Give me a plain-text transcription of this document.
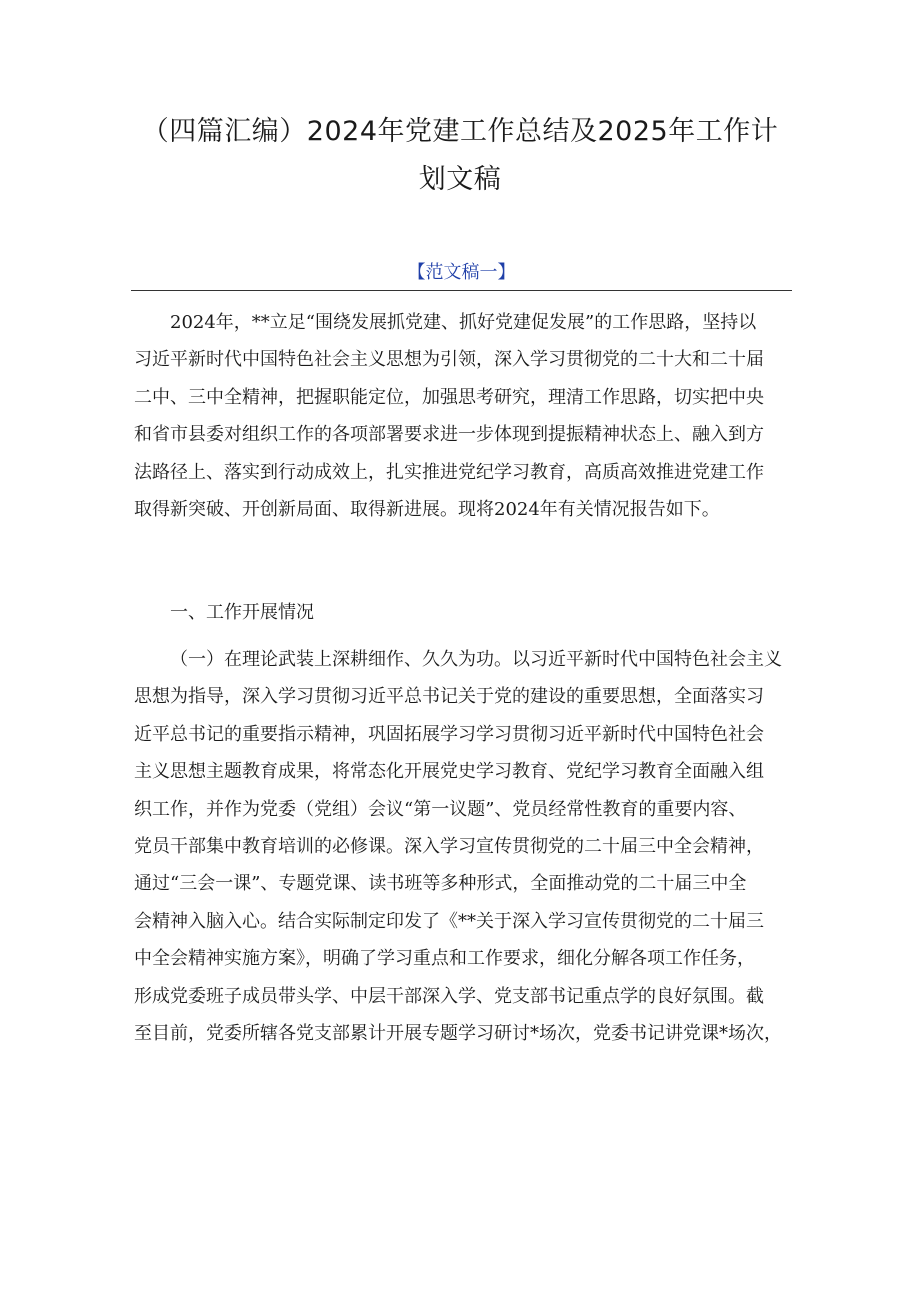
（四篇汇编）2024年党建工作总结及2025年工作计
划文稿
【范文稿一】
2024年，**立足“围绕发展抓党建、抓好党建促发展”的工作思路，坚持以
习近平新时代中国特色社会主义思想为引领，深入学习贯彻党的二十大和二十届
二中、三中全精神，把握职能定位，加强思考研究，理清工作思路，切实把中央
和省市县委对组织工作的各项部署要求进一步体现到提振精神状态上、融入到方
法路径上、落实到行动成效上，扎实推进党纪学习教育，高质高效推进党建工作
取得新突破、开创新局面、取得新进展。现将2024年有关情况报告如下。
一、工作开展情况
（一）在理论武装上深耕细作、久久为功。以习近平新时代中国特色社会主义
思想为指导，深入学习贯彻习近平总书记关于党的建设的重要思想，全面落实习
近平总书记的重要指示精神，巩固拓展学习学习贯彻习近平新时代中国特色社会
主义思想主题教育成果，将常态化开展党史学习教育、党纪学习教育全面融入组
织工作，并作为党委（党组）会议“第一议题”、党员经常性教育的重要内容、
党员干部集中教育培训的必修课。深入学习宣传贯彻党的二十届三中全会精神，
通过“三会一课”、专题党课、读书班等多种形式，全面推动党的二十届三中全
会精神入脑入心。结合实际制定印发了《**关于深入学习宣传贯彻党的二十届三
中全会精神实施方案》，明确了学习重点和工作要求，细化分解各项工作任务，
形成党委班子成员带头学、中层干部深入学、党支部书记重点学的良好氛围。截
至目前，党委所辖各党支部累计开展专题学习研讨*场次，党委书记讲党课*场次，
